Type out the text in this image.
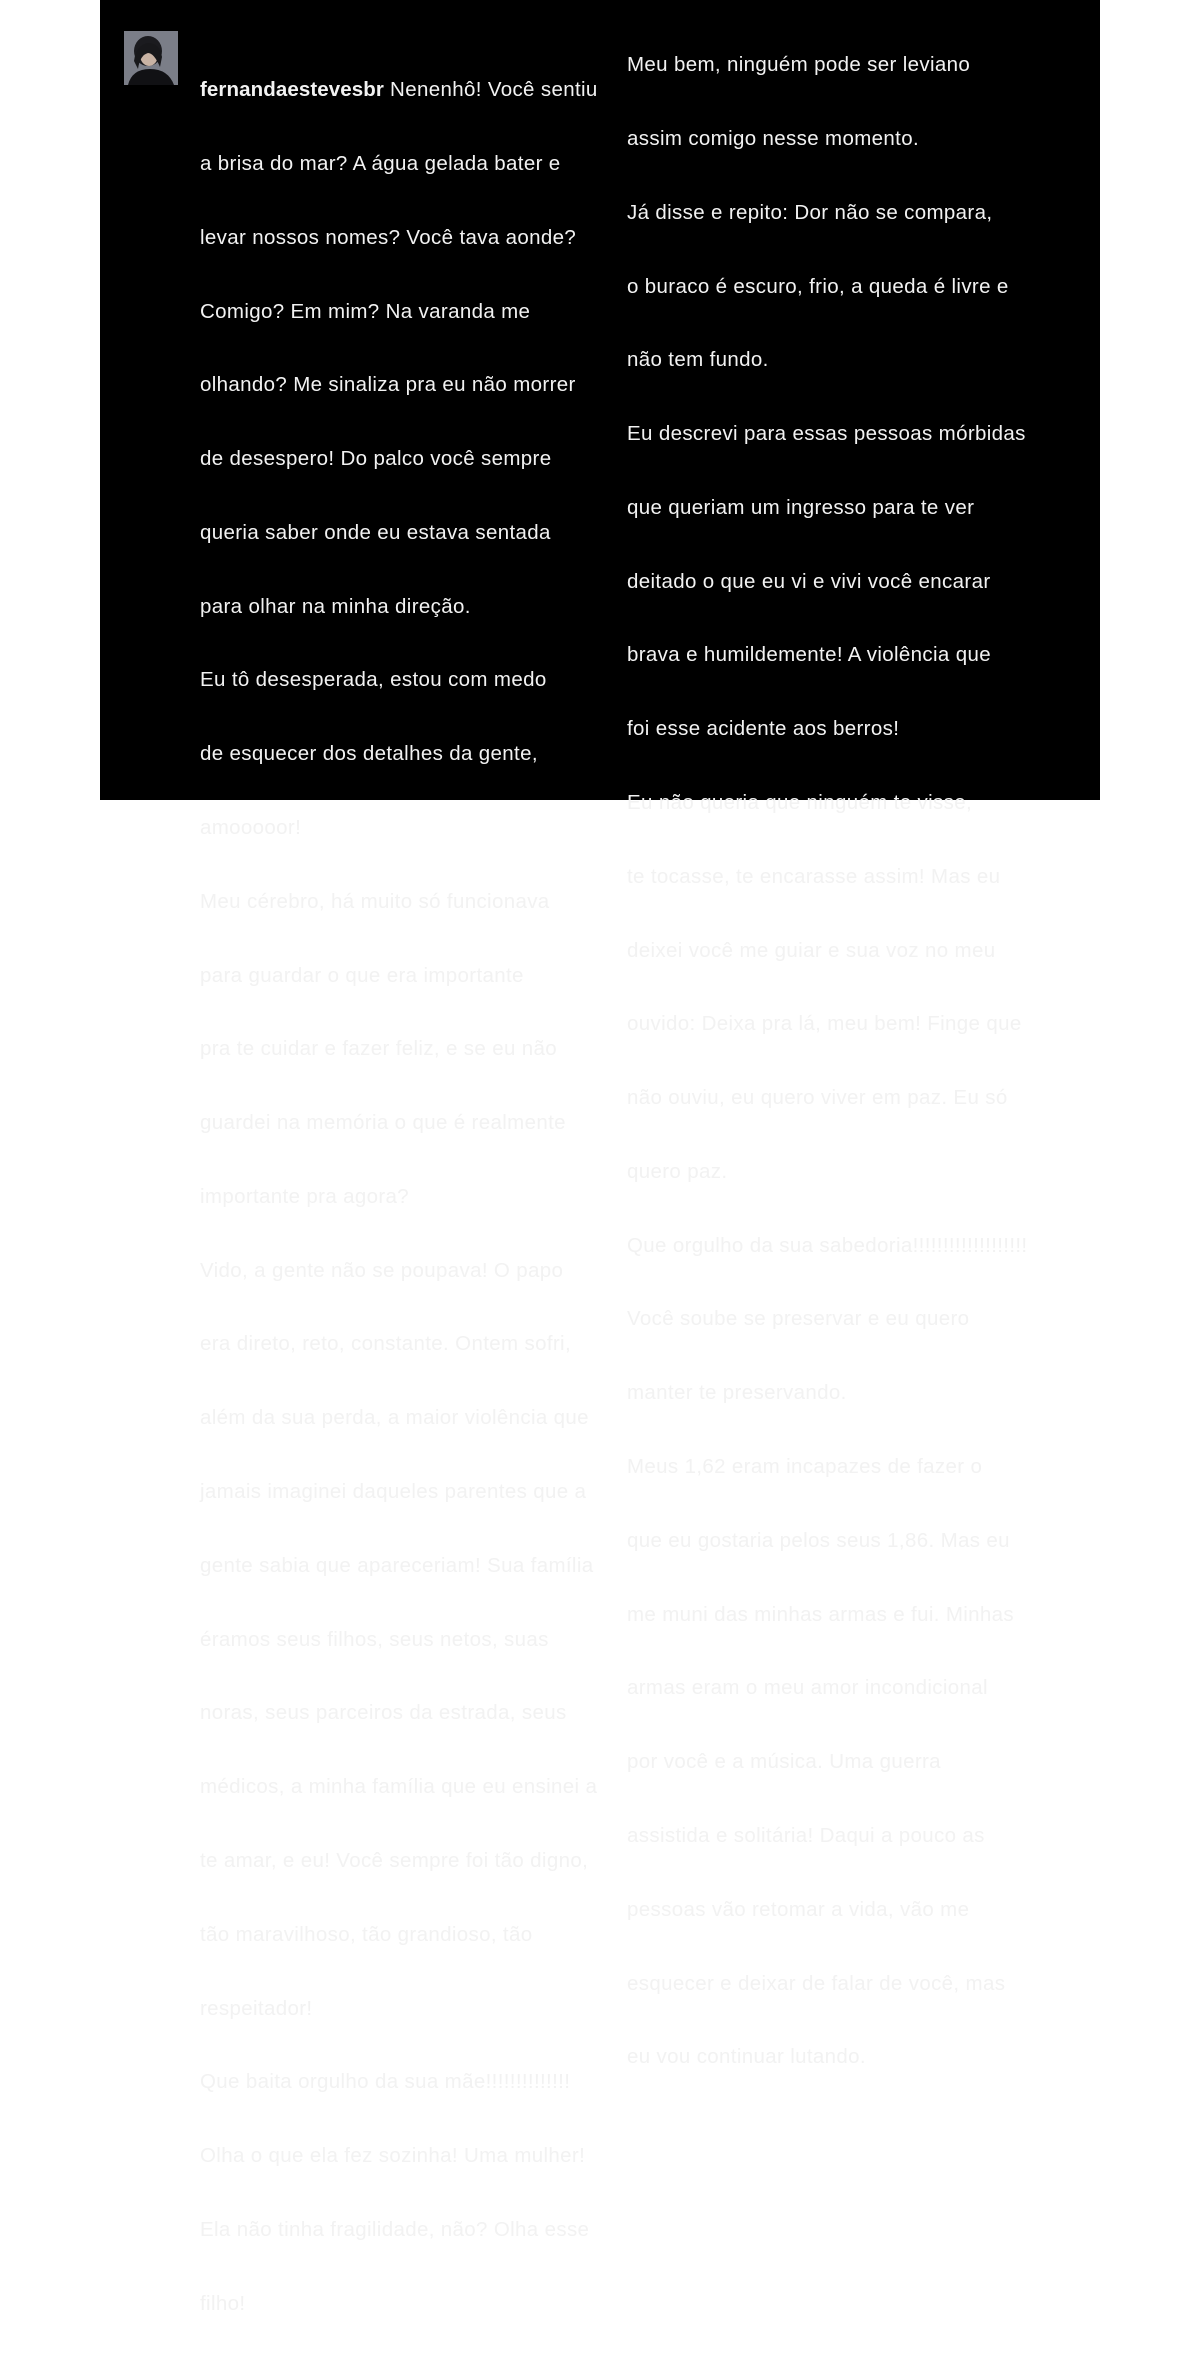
fernandaestevesbr Nenenhô! Você sentiu

a brisa do mar? A água gelada bater e

levar nossos nomes? Você tava aonde?

Comigo? Em mim? Na varanda me

olhando? Me sinaliza pra eu não morrer

de desespero! Do palco você sempre

queria saber onde eu estava sentada

para olhar na minha direção.

Eu tô desesperada, estou com medo

de esquecer dos detalhes da gente,

amooooor!

Meu cérebro, há muito só funcionava

para guardar o que era importante

pra te cuidar e fazer feliz, e se eu não

guardei na memória o que é realmente

importante pra agora?

Vido, a gente não se poupava! O papo

era direto, reto, constante. Ontem sofri,

além da sua perda, a maior violência que

jamais imaginei daqueles parentes que a

gente sabia que apareceriam! Sua família

éramos seus filhos, seus netos, suas

noras, seus parceiros da estrada, seus

médicos, a minha família que eu ensinei a

te amar, e eu! Você sempre foi tão digno,

tão maravilhoso, tão grandioso, tão

respeitador!

Que baita orgulho da sua mãe!!!!!!!!!!!!!!

Olha o que ela fez sozinha! Uma mulher!

Ela não tinha fragilidade, não? Olha esse

filho!

Meu bem, ninguém pode ser leviano

assim comigo nesse momento.

Já disse e repito: Dor não se compara,

o buraco é escuro, frio, a queda é livre e

não tem fundo.

Eu descrevi para essas pessoas mórbidas

que queriam um ingresso para te ver

deitado o que eu vi e vivi você encarar

brava e humildemente! A violência que

foi esse acidente aos berros!

Eu não queria que ninguém te visse,

te tocasse, te encarasse assim! Mas eu

deixei você me guiar e sua voz no meu

ouvido: Deixa pra lá, meu bem! Finge que

não ouviu, eu quero viver em paz. Eu só

quero paz.

Que orgulho da sua sabedoria!!!!!!!!!!!!!!!!!!!

Você soube se preservar e eu quero

manter te preservando.

Meus 1,62 eram incapazes de fazer o

que eu gostaria pelos seus 1,86. Mas eu

me muni das minhas armas e fui. Minhas

armas eram o meu amor incondicional

por você e a música. Uma guerra

assistida e solitária! Daqui a pouco as

pessoas vão retomar a vida, vão me

esquecer e deixar de falar de você, mas

eu vou continuar lutando.
